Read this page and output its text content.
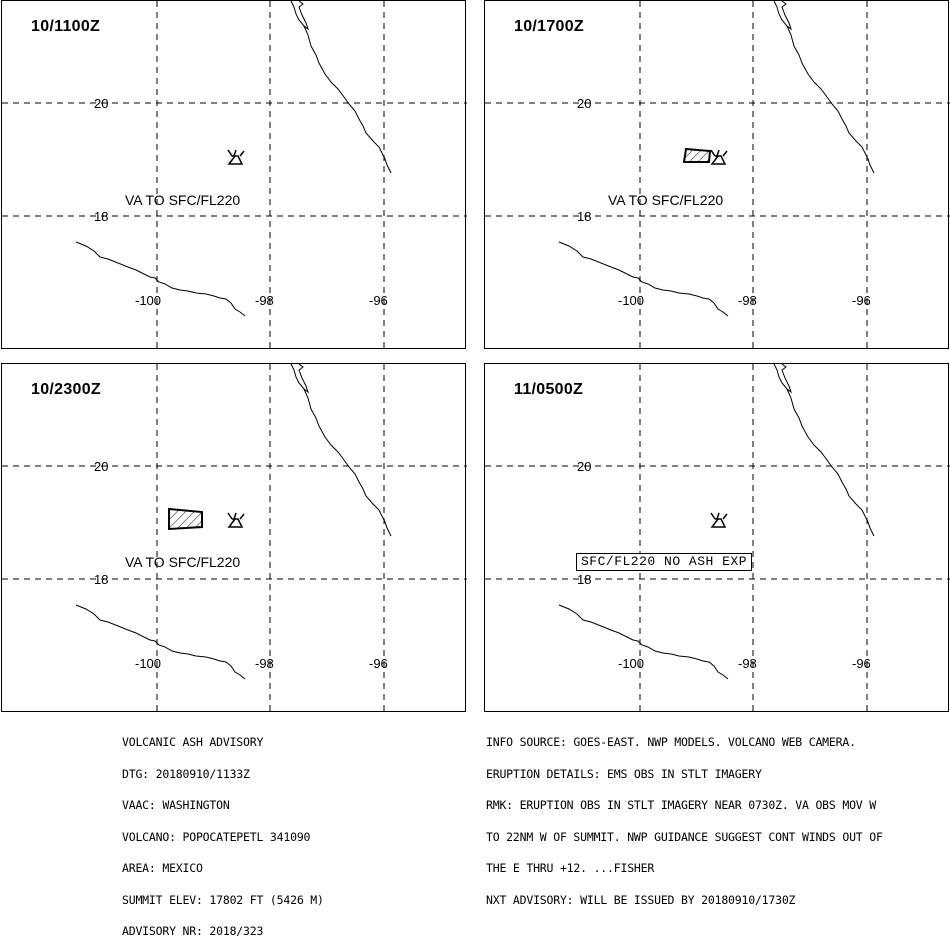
10/1100Z
20
18
-100	-98	-96
VA TO SFC/FL220
10/1700Z
20
18
-100	-98	-96
VA TO SFC/FL220
10/2300Z
20
18
-100	-98	-96
VA TO SFC/FL220
11/0500Z
20
18
-100	-98	-96
SFC/FL220 NO ASH EXP

VOLCANIC ASH ADVISORY

DTG: 20180910/1133Z

VAAC: WASHINGTON

VOLCANO: POPOCATEPETL 341090

AREA: MEXICO

SUMMIT ELEV: 17802 FT (5426 M)

ADVISORY NR: 2018/323

INFO SOURCE: GOES-EAST. NWP MODELS. VOLCANO WEB CAMERA.

ERUPTION DETAILS: EMS OBS IN STLT IMAGERY

RMK: ERUPTION OBS IN STLT IMAGERY NEAR 0730Z. VA OBS MOV W

TO 22NM W OF SUMMIT. NWP GUIDANCE SUGGEST CONT WINDS OUT OF

THE E THRU +12. ...FISHER

NXT ADVISORY: WILL BE ISSUED BY 20180910/1730Z
